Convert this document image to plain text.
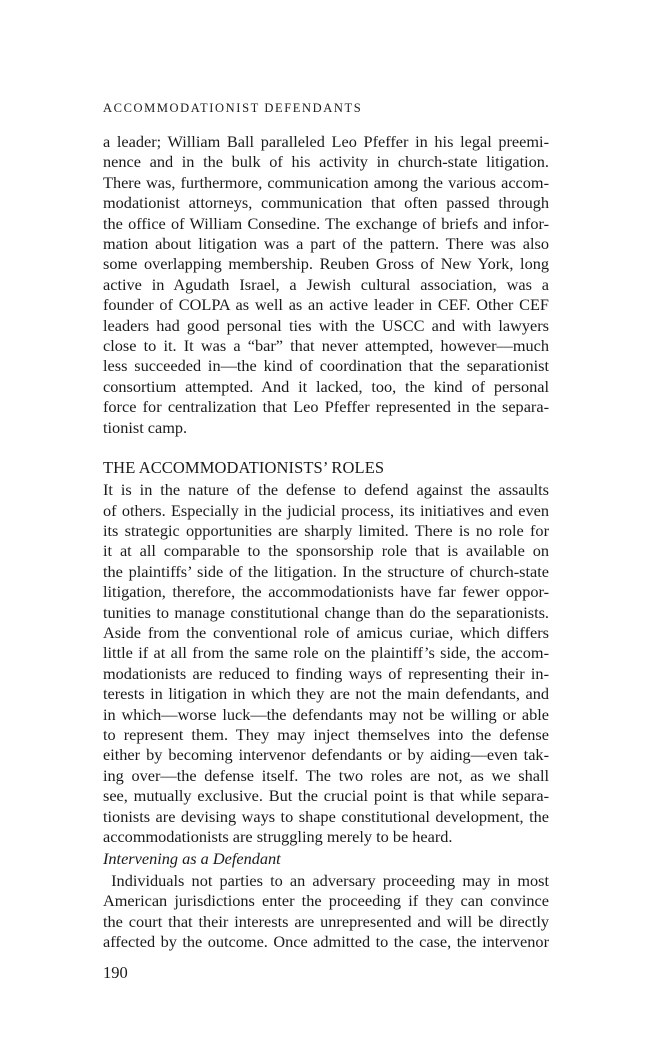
ACCOMMODATIONIST DEFENDANTS
a leader; William Ball paralleled Leo Pfeffer in his legal preemi-
nence and in the bulk of his activity in church-state litigation.
There was, furthermore, communication among the various accom-
modationist attorneys, communication that often passed through
the office of William Consedine. The exchange of briefs and infor-
mation about litigation was a part of the pattern. There was also
some overlapping membership. Reuben Gross of New York, long
active in Agudath Israel, a Jewish cultural association, was a
founder of COLPA as well as an active leader in CEF. Other CEF
leaders had good personal ties with the USCC and with lawyers
close to it. It was a “bar” that never attempted, however—much
less succeeded in—the kind of coordination that the separationist
consortium attempted. And it lacked, too, the kind of personal
force for centralization that Leo Pfeffer represented in the separa-
tionist camp.
THE ACCOMMODATIONISTS’ ROLES
It is in the nature of the defense to defend against the assaults
of others. Especially in the judicial process, its initiatives and even
its strategic opportunities are sharply limited. There is no role for
it at all comparable to the sponsorship role that is available on
the plaintiffs’ side of the litigation. In the structure of church-state
litigation, therefore, the accommodationists have far fewer oppor-
tunities to manage constitutional change than do the separationists.
Aside from the conventional role of amicus curiae, which differs
little if at all from the same role on the plaintiff’s side, the accom-
modationists are reduced to finding ways of representing their in-
terests in litigation in which they are not the main defendants, and
in which—worse luck—the defendants may not be willing or able
to represent them. They may inject themselves into the defense
either by becoming intervenor defendants or by aiding—even tak-
ing over—the defense itself. The two roles are not, as we shall
see, mutually exclusive. But the crucial point is that while separa-
tionists are devising ways to shape constitutional development, the
accommodationists are struggling merely to be heard.
Intervening as a Defendant
 Individuals not parties to an adversary proceeding may in most
American jurisdictions enter the proceeding if they can convince
the court that their interests are unrepresented and will be directly
affected by the outcome. Once admitted to the case, the intervenor
190
